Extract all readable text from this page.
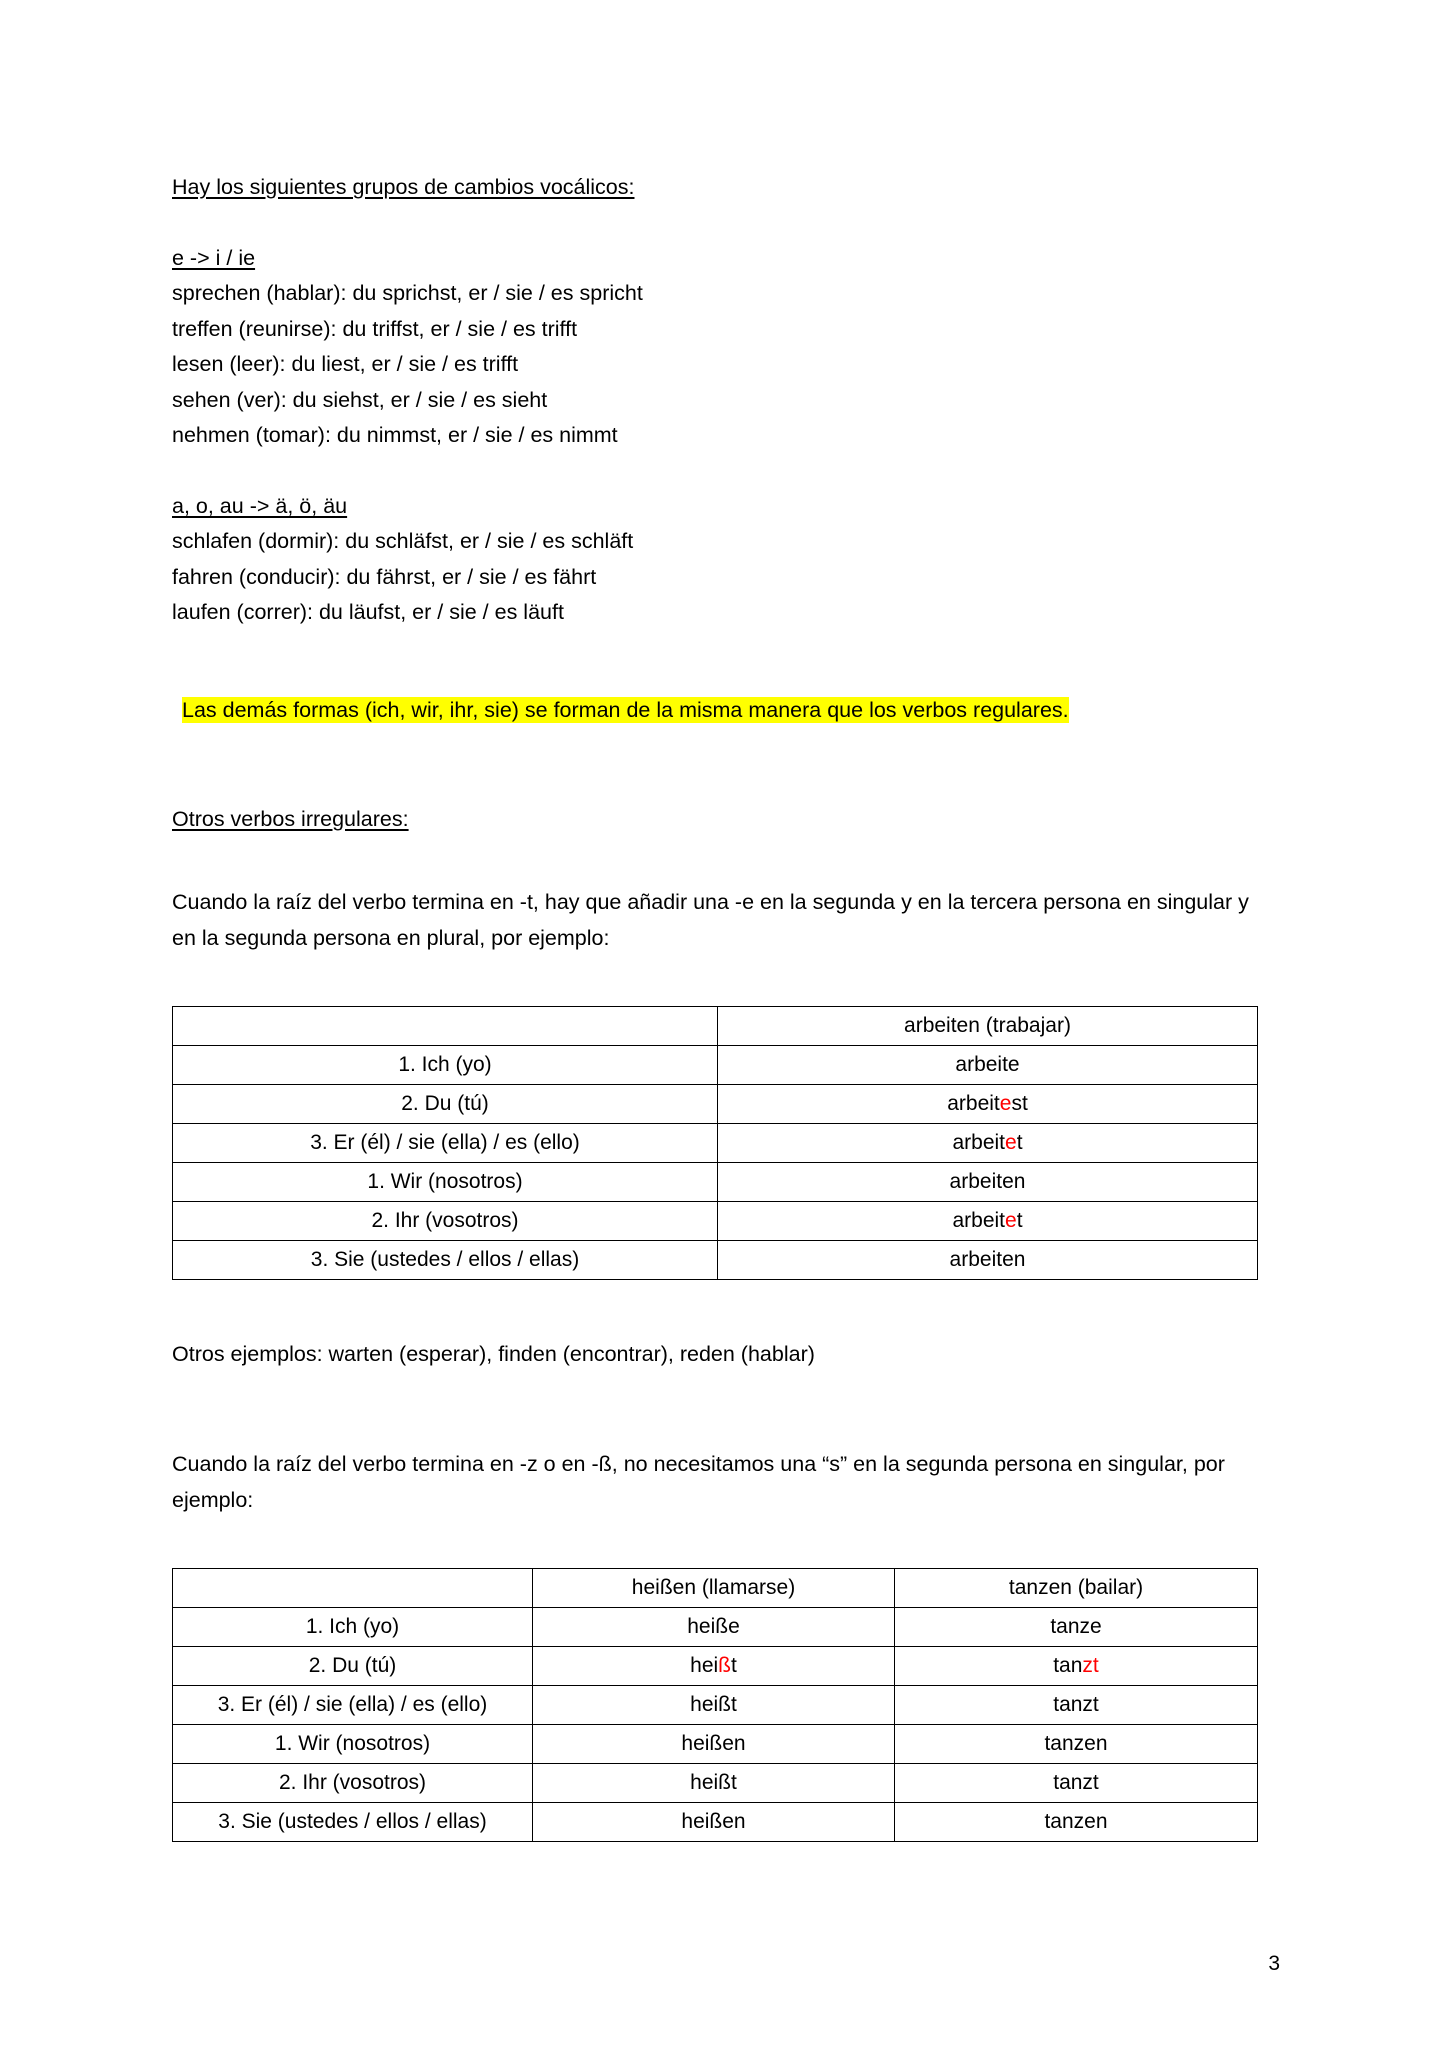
Hay los siguientes grupos de cambios vocálicos:
e -> i / ie
sprechen (hablar): du sprichst, er / sie / es spricht
treffen (reunirse): du triffst, er / sie / es trifft
lesen (leer): du liest, er / sie / es trifft
sehen (ver): du siehst, er / sie / es sieht
nehmen (tomar): du nimmst, er / sie / es nimmt
a, o, au -> ä, ö, äu
schlafen (dormir): du schläfst, er / sie / es schläft
fahren (conducir): du fährst, er / sie / es fährt
laufen (correr): du läufst, er / sie / es läuft
Las demás formas (ich, wir, ihr, sie) se forman de la misma manera que los verbos regulares.
Otros verbos irregulares:
Cuando la raíz del verbo termina en -t, hay que añadir una -e en la segunda y en la tercera persona en singular y en la segunda persona en plural, por ejemplo:
	arbeiten (trabajar)
1. Ich (yo)	arbeite
2. Du (tú)	arbeitest
3. Er (él) / sie (ella) / es (ello)	arbeitet
1. Wir (nosotros)	arbeiten
2. Ihr (vosotros)	arbeitet
3. Sie (ustedes / ellos / ellas)	arbeiten
Otros ejemplos: warten (esperar), finden (encontrar), reden (hablar)
Cuando la raíz del verbo termina en -z o en -ß, no necesitamos una “s” en la segunda persona en singular, por ejemplo:
	heißen (llamarse)	tanzen (bailar)
1. Ich (yo)	heiße	tanze
2. Du (tú)	heißt	tanzt
3. Er (él) / sie (ella) / es (ello)	heißt	tanzt
1. Wir (nosotros)	heißen	tanzen
2. Ihr (vosotros)	heißt	tanzt
3. Sie (ustedes / ellos / ellas)	heißen	tanzen
3
